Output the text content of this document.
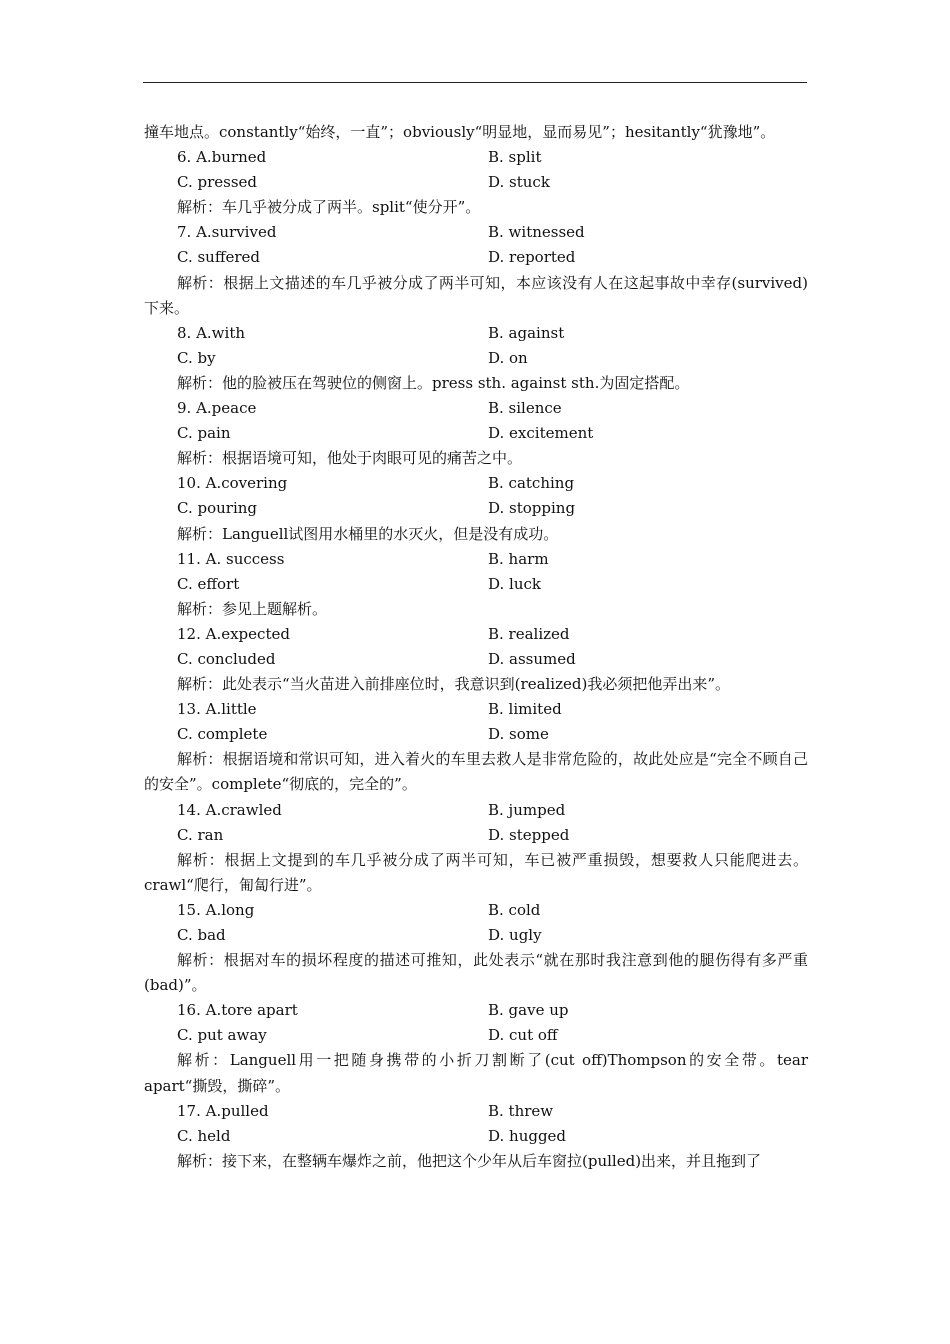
撞车地点。constantly“始终，一直”；obviously“明显地，显而易见”；hesitantly“犹豫地”。
6. A.burned	B. split
C. pressed	D. stuck
解析：车几乎被分成了两半。split“使分开”。
7. A.survived	B. witnessed
C. suffered	D. reported
解析：根据上文描述的车几乎被分成了两半可知，本应该没有人在这起事故中幸存(survived)下来。
8. A.with	B. against
C. by	D. on
解析：他的脸被压在驾驶位的侧窗上。press sth. against sth.为固定搭配。
9. A.peace	B. silence
C. pain	D. excitement
解析：根据语境可知，他处于肉眼可见的痛苦之中。
10. A.covering	B. catching
C. pouring	D. stopping
解析：Languell试图用水桶里的水灭火，但是没有成功。
11. A. success	B. harm
C. effort	D. luck
解析：参见上题解析。
12. A.expected	B. realized
C. concluded	D. assumed
解析：此处表示“当火苗进入前排座位时，我意识到(realized)我必须把他弄出来”。
13. A.little	B. limited
C. complete	D. some
解析：根据语境和常识可知，进入着火的车里去救人是非常危险的，故此处应是“完全不顾自己的安全”。complete“彻底的，完全的”。
14. A.crawled	B. jumped
C. ran	D. stepped
解析：根据上文提到的车几乎被分成了两半可知，车已被严重损毁，想要救人只能爬进去。crawl“爬行，匍匐行进”。
15. A.long	B. cold
C. bad	D. ugly
解析：根据对车的损坏程度的描述可推知，此处表示“就在那时我注意到他的腿伤得有多严重(bad)”。
16. A.tore apart	B. gave up
C. put away	D. cut off
解析：Languell用一把随身携带的小折刀割断了(cut off)Thompson的安全带。tear apart“撕毁，撕碎”。
17. A.pulled	B. threw
C. held	D. hugged
解析：接下来，在整辆车爆炸之前，他把这个少年从后车窗拉(pulled)出来，并且拖到了
